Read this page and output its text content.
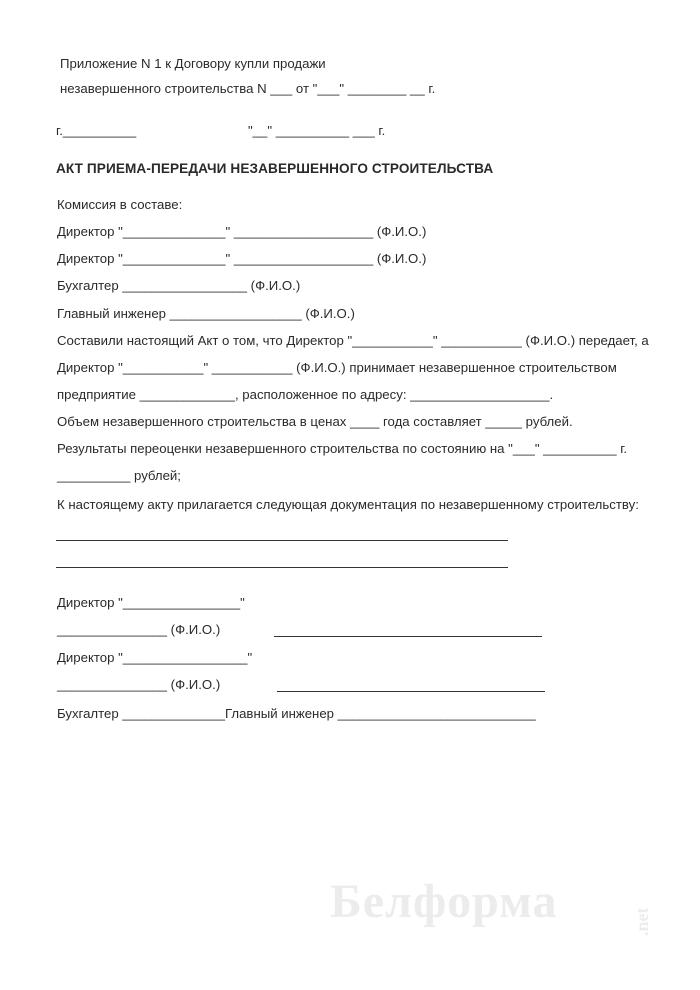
Приложение N 1 к Договору купли продажи

незавершенного строительства N ___ от "___" ________ __ г.

г.__________	"__" __________ ___ г.

АКТ ПРИЕМА-ПЕРЕДАЧИ НЕЗАВЕРШЕННОГО СТРОИТЕЛЬСТВА

Комиссия в составе:

Директор "______________" ___________________ (Ф.И.О.)

Директор "______________" ___________________ (Ф.И.О.)

Бухгалтер _________________ (Ф.И.О.)

Главный инженер __________________ (Ф.И.О.)

Составили настоящий Акт о том, что Директор "___________" ___________ (Ф.И.О.) передает, а

Директор "___________" ___________ (Ф.И.О.) принимает незавершенное строительством

предприятие _____________, расположенное по адресу: ___________________.

Объем незавершенного строительства в ценах ____ года составляет _____ рублей.

Результаты переоценки незавершенного строительства по состоянию на "___" __________ г.

__________ рублей;

К настоящему акту прилагается следующая документация по незавершенному строительству:

Директор "________________"

_______________ (Ф.И.О.)

Директор "_________________"

_______________ (Ф.И.О.)

Бухгалтер ______________Главный инженер ___________________________

Белформа	.net
